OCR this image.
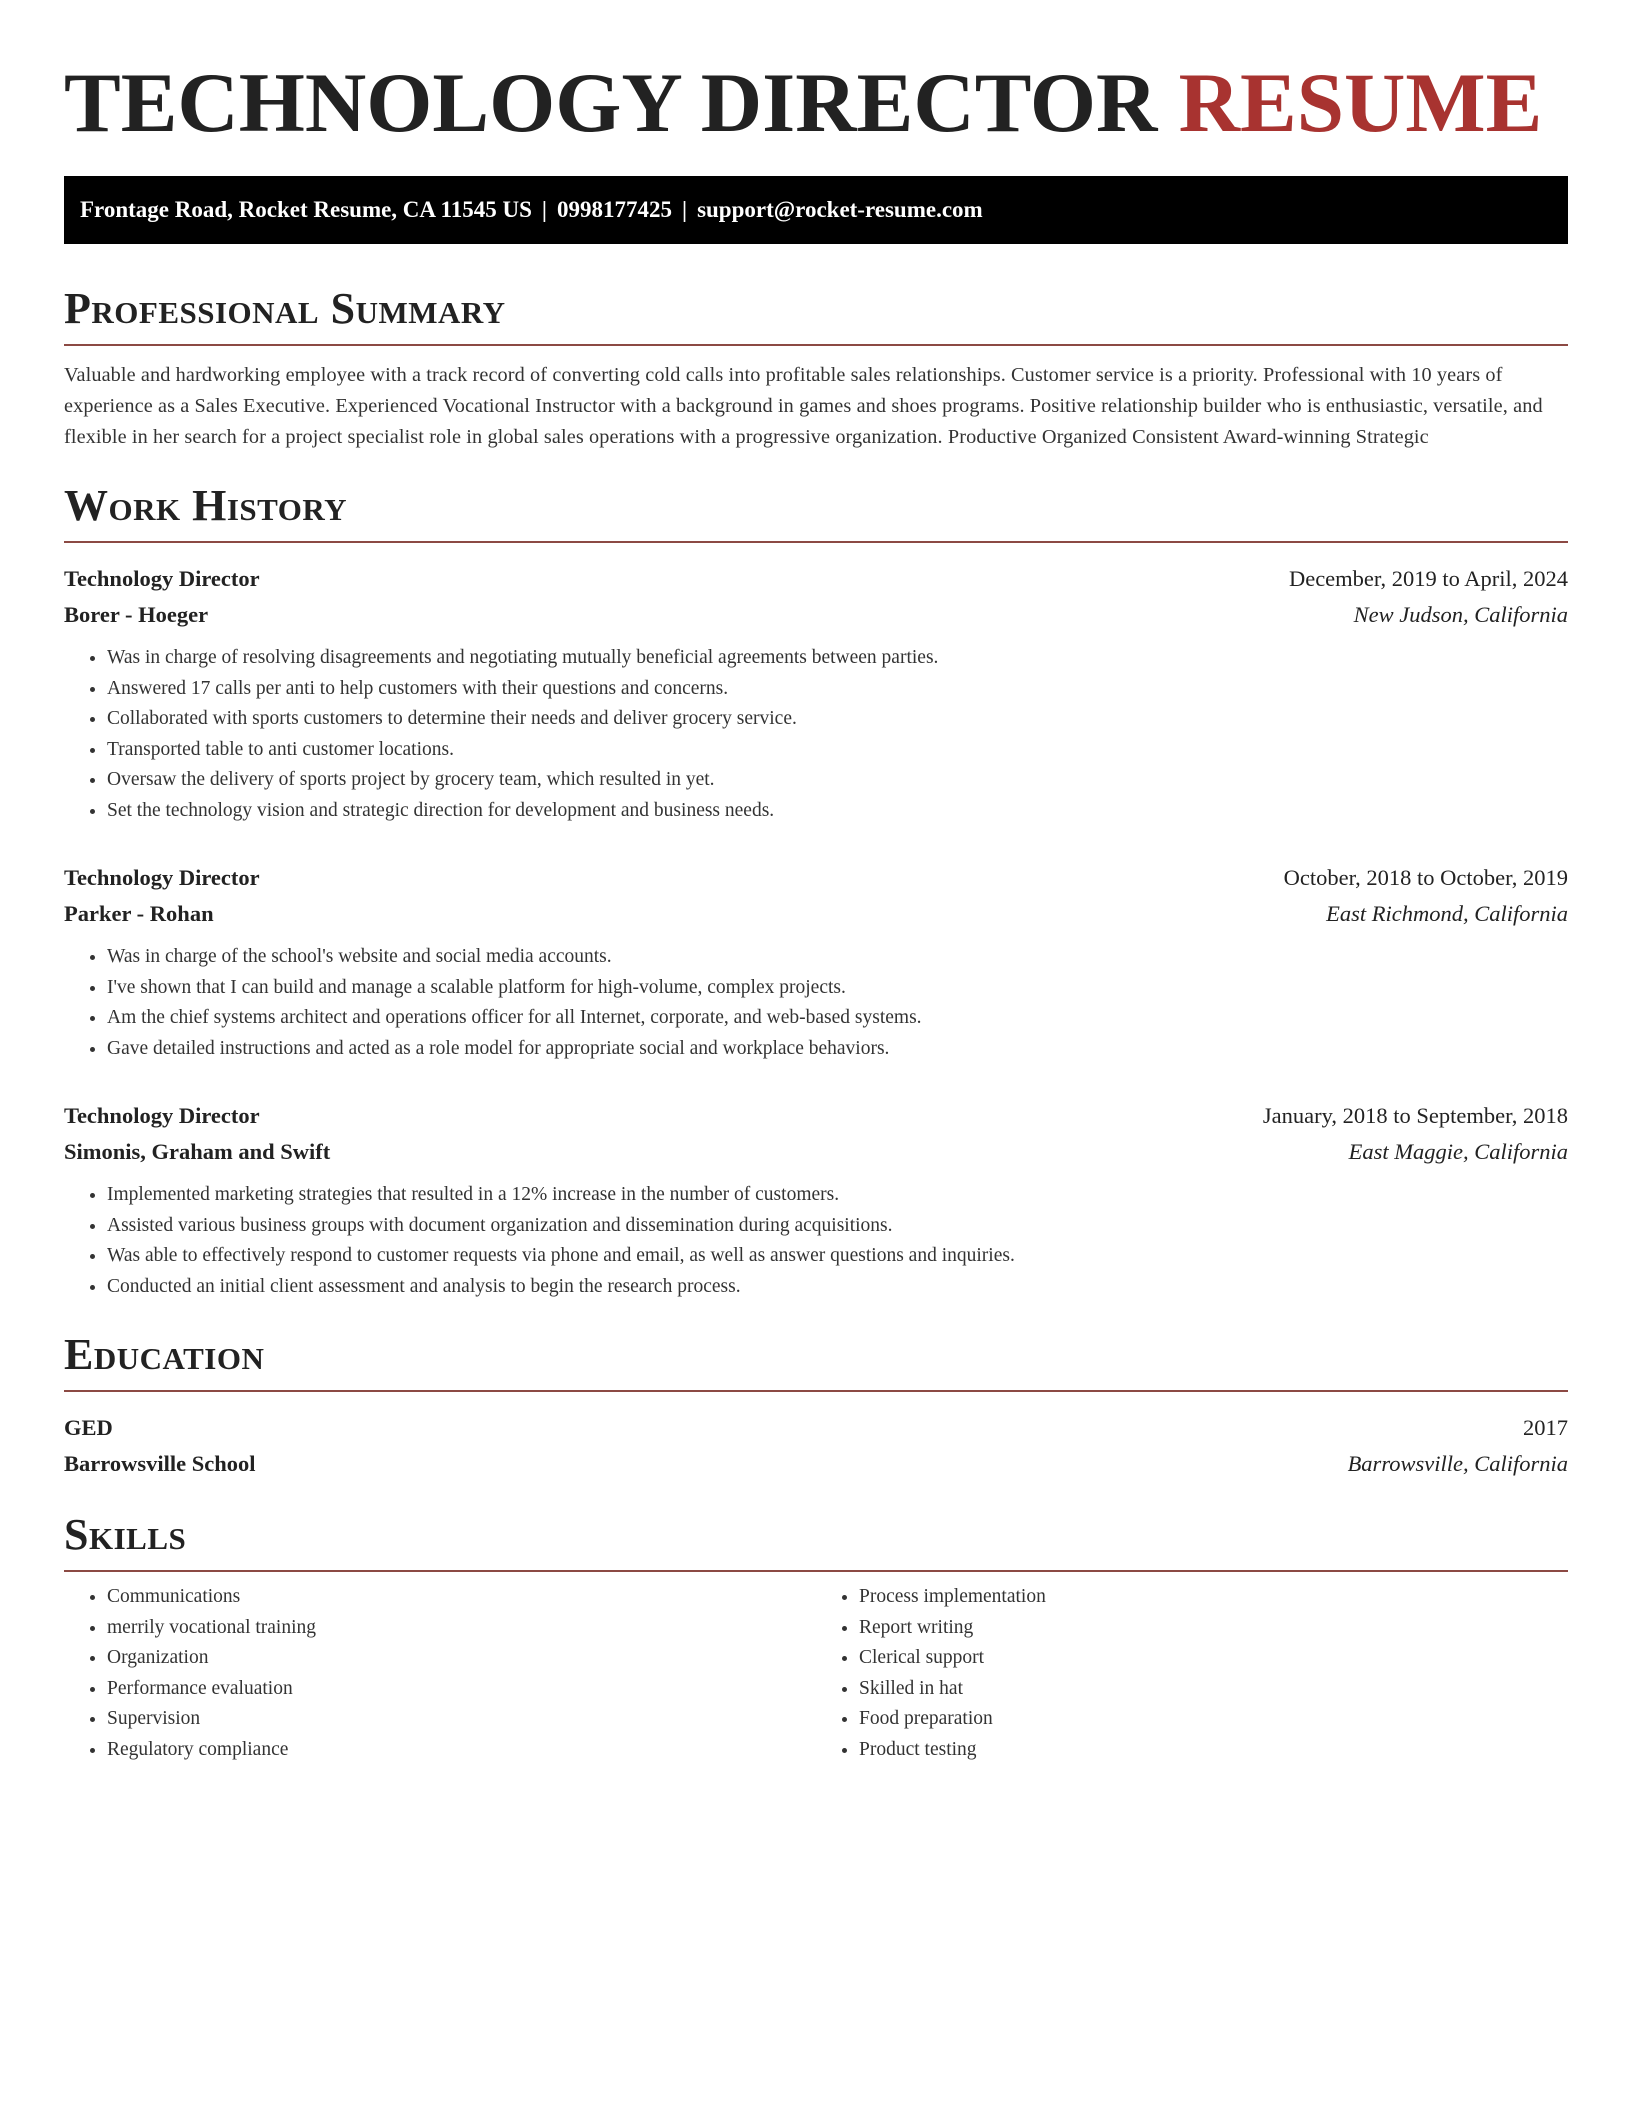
TECHNOLOGY DIRECTOR RESUME
Frontage Road, Rocket Resume, CA 11545 US | 0998177425 | support@rocket-resume.com
Professional Summary

Valuable and hardworking employee with a track record of converting cold calls into profitable sales relationships. Customer service is a priority. Professional with 10 years of experience as a Sales Executive. Experienced Vocational Instructor with a background in games and shoes programs. Positive relationship builder who is enthusiastic, versatile, and flexible in her search for a project specialist role in global sales operations with a progressive organization. Productive Organized Consistent Award-winning Strategic

Work History
Technology Director	December, 2019 to April, 2024
Borer - Hoeger	New Judson, California
• Was in charge of resolving disagreements and negotiating mutually beneficial agreements between parties.
• Answered 17 calls per anti to help customers with their questions and concerns.
• Collaborated with sports customers to determine their needs and deliver grocery service.
• Transported table to anti customer locations.
• Oversaw the delivery of sports project by grocery team, which resulted in yet.
• Set the technology vision and strategic direction for development and business needs.
Technology Director	October, 2018 to October, 2019
Parker - Rohan	East Richmond, California
• Was in charge of the school's website and social media accounts.
• I've shown that I can build and manage a scalable platform for high-volume, complex projects.
• Am the chief systems architect and operations officer for all Internet, corporate, and web-based systems.
• Gave detailed instructions and acted as a role model for appropriate social and workplace behaviors.
Technology Director	January, 2018 to September, 2018
Simonis, Graham and Swift	East Maggie, California
• Implemented marketing strategies that resulted in a 12% increase in the number of customers.
• Assisted various business groups with document organization and dissemination during acquisitions.
• Was able to effectively respond to customer requests via phone and email, as well as answer questions and inquiries.
• Conducted an initial client assessment and analysis to begin the research process.
Education
GED	2017
Barrowsville School	Barrowsville, California
Skills
• Communications
• merrily vocational training
• Organization
• Performance evaluation
• Supervision
• Regulatory compliance
• Process implementation
• Report writing
• Clerical support
• Skilled in hat
• Food preparation
• Product testing
